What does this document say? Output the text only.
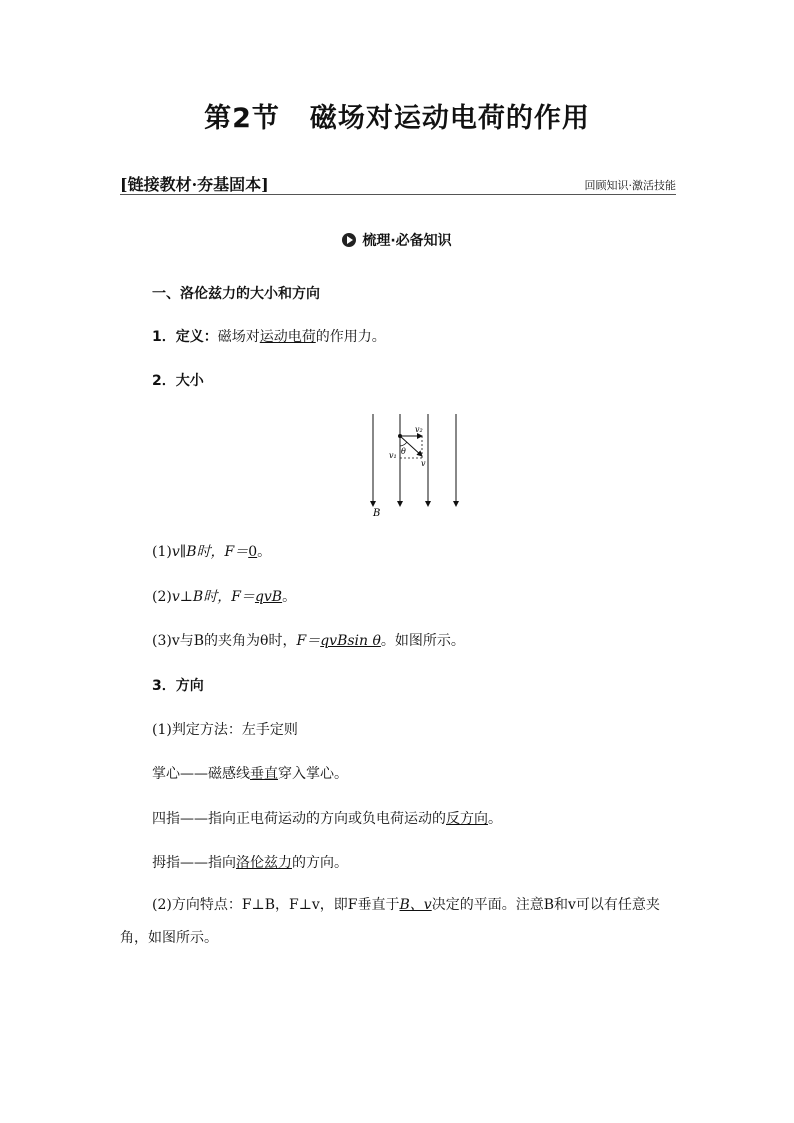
第2节 磁场对运动电荷的作用
[链接教材·夯基固本]	回顾知识·激活技能
梳理·必备知识
一、洛伦兹力的大小和方向
1．定义：磁场对运动电荷的作用力。
2．大小
v₂
v₁
v
θ
B
(1)v∥B时，F＝0。
(2)v⊥B时，F＝qvB。
(3)v与B的夹角为θ时，F＝qvBsin θ。如图所示。
3．方向
(1)判定方法：左手定则
掌心——磁感线垂直穿入掌心。
四指——指向正电荷运动的方向或负电荷运动的反方向。
拇指——指向洛伦兹力的方向。
(2)方向特点：F⊥B，F⊥v，即F垂直于B、v决定的平面。注意B和v可以有任意夹角，如图所示。
